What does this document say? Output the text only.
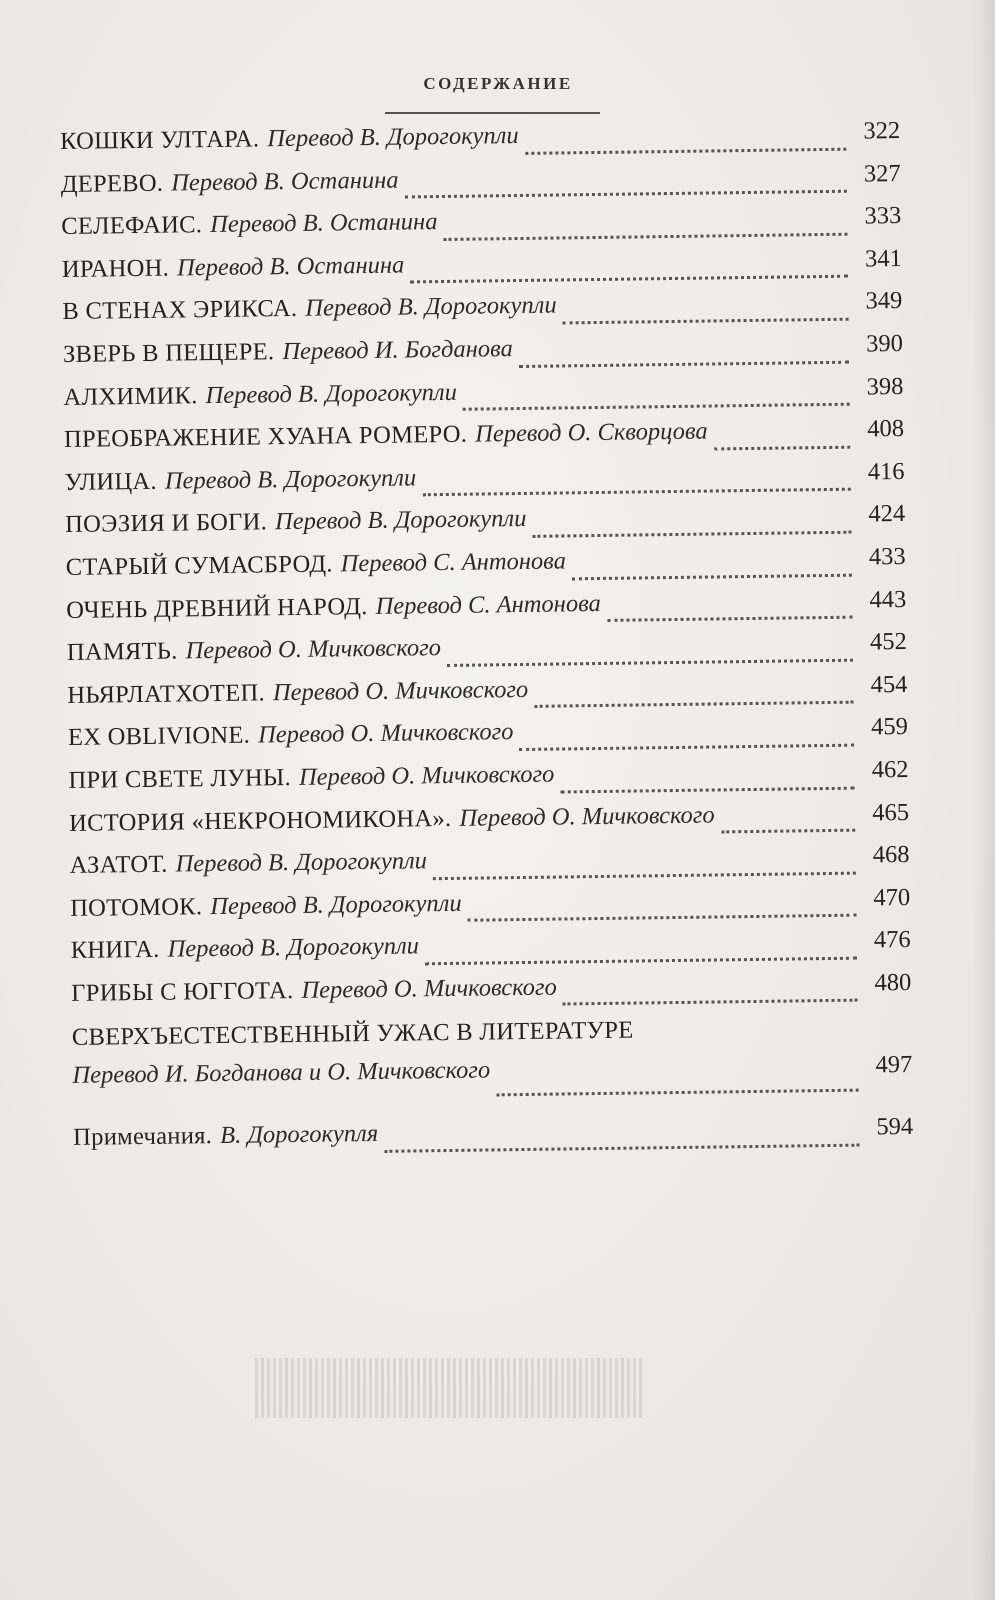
СОДЕРЖАНИЕ
КОШКИ УЛТАРА. Перевод В. Дорогокупли	322
ДЕРЕВО. Перевод В. Останина	327
СЕЛЕФАИС. Перевод В. Останина	333
ИРАНОН. Перевод В. Останина	341
В СТЕНАХ ЭРИКСА. Перевод В. Дорогокупли	349
ЗВЕРЬ В ПЕЩЕРЕ. Перевод И. Богданова	390
АЛХИМИК. Перевод В. Дорогокупли	398
ПРЕОБРАЖЕНИЕ ХУАНА РОМЕРО. Перевод О. Скворцова	408
УЛИЦА. Перевод В. Дорогокупли	416
ПОЭЗИЯ И БОГИ. Перевод В. Дорогокупли	424
СТАРЫЙ СУМАСБРОД. Перевод С. Антонова	433
ОЧЕНЬ ДРЕВНИЙ НАРОД. Перевод С. Антонова	443
ПАМЯТЬ. Перевод О. Мичковского	452
НЬЯРЛАТХОТЕП. Перевод О. Мичковского	454
EX OBLIVIONE. Перевод О. Мичковского	459
ПРИ СВЕТЕ ЛУНЫ. Перевод О. Мичковского	462
ИСТОРИЯ «НЕКРОНОМИКОНА». Перевод О. Мичковского	465
АЗАТОТ. Перевод В. Дорогокупли	468
ПОТОМОК. Перевод В. Дорогокупли	470
КНИГА. Перевод В. Дорогокупли	476
ГРИБЫ С ЮГГОТА. Перевод О. Мичковского	480
СВЕРХЪЕСТЕСТВЕННЫЙ УЖАС В ЛИТЕРАТУРЕ
Перевод И. Богданова и О. Мичковского	497
Примечания. В. Дорогокупля	594
